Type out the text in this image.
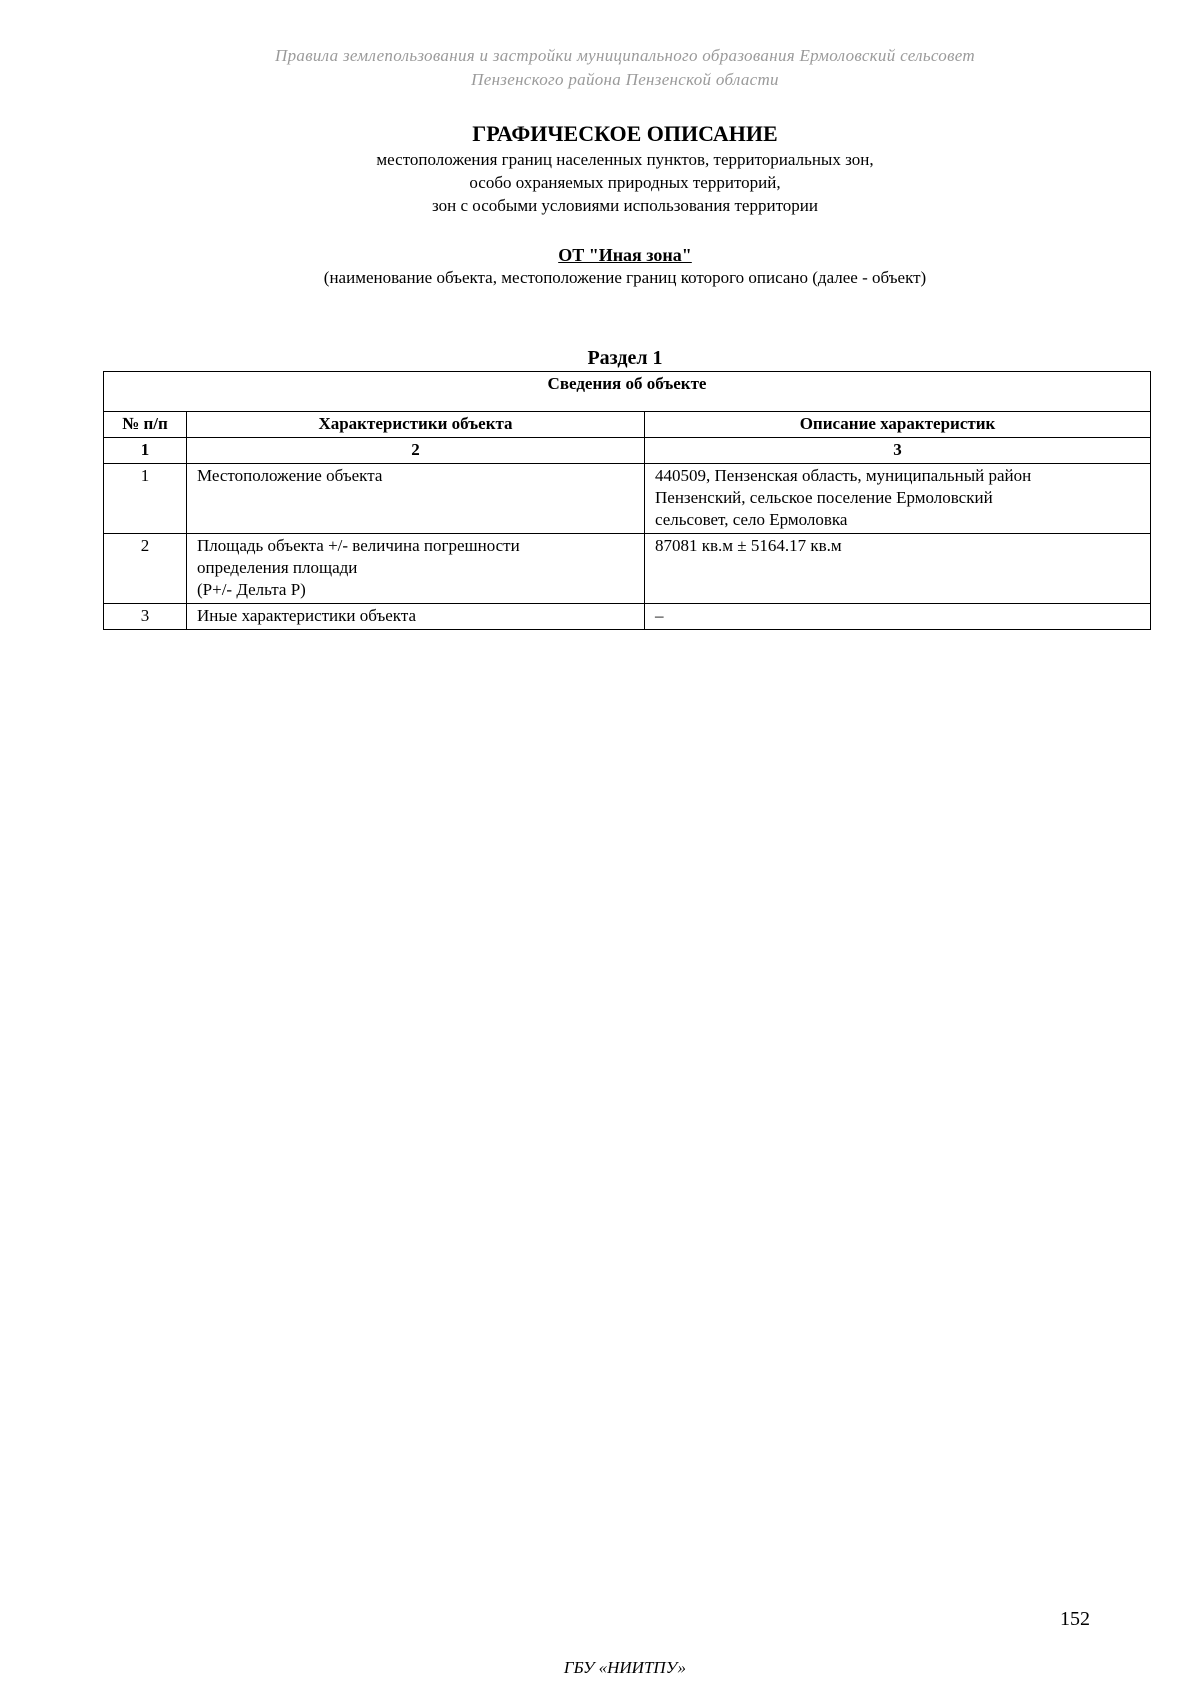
Правила землепользования и застройки муниципального образования Ермоловский сельсовет
Пензенского района Пензенской области
ГРАФИЧЕСКОЕ ОПИСАНИЕ
местоположения границ населенных пунктов, территориальных зон,
особо охраняемых природных территорий,
зон с особыми условиями использования территории
ОТ "Иная зона"
(наименование объекта, местоположение границ которого описано (далее - объект)
Раздел 1
Сведения об объекте		
№ п/п	Характеристики объекта	Описание характеристик
1	2	3
1	Местоположение объекта	440509, Пензенская область, муниципальный район
Пензенский, сельское поселение Ермоловский
сельсовет, село Ермоловка

2	Площадь объекта +/- величина погрешности
определения площади
(P+/- Дельта P)	87081 кв.м ± 5164.17 кв.м

3	Иные характеристики объекта	–
152
ГБУ «НИИТПУ»
